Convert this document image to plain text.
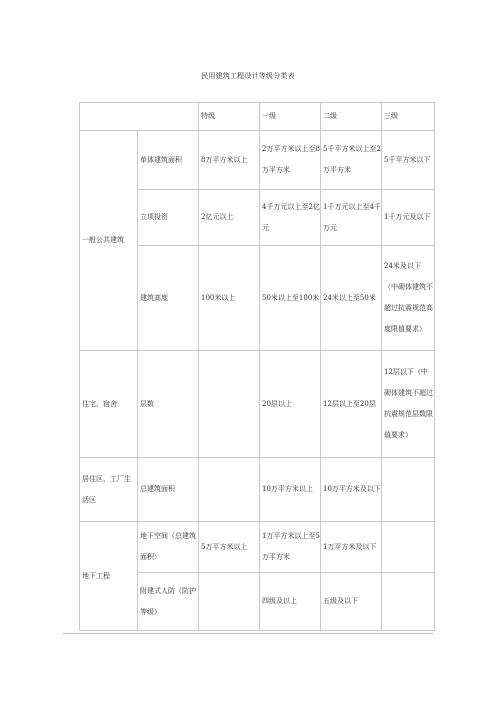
民用建筑工程设计等级分类表
		特级	一级	二级	三级
一般公共建筑	单体建筑面积	8万平方米以上	2万平方米以上至8万平方米	5千平方米以上至2万平方米	5千平方米以下
	立项投资	2亿元以上	4千万元以上至2亿元	1千万元以上至4千万元	1千万元及以下
	建筑高度	100米以上	50米以上至100米	24米以上至50米	24米及以下（中砌体建筑不超过抗震规范高度限值要求）
住宅、宿舍	层数		20层以上	12层以上至20层	12层以下（中砌体建筑不超过抗震规范层数限值要求）
居住区、工厂生活区	总建筑面积		10万平方米以上	10万平方米及以下	
地下工程	地下空间（总建筑面积）	5万平方米以上	1万平方米以上至5万平方米	1万平方米及以下	
	附建式人防（防护等级）		四级及以上	五级及以下	
